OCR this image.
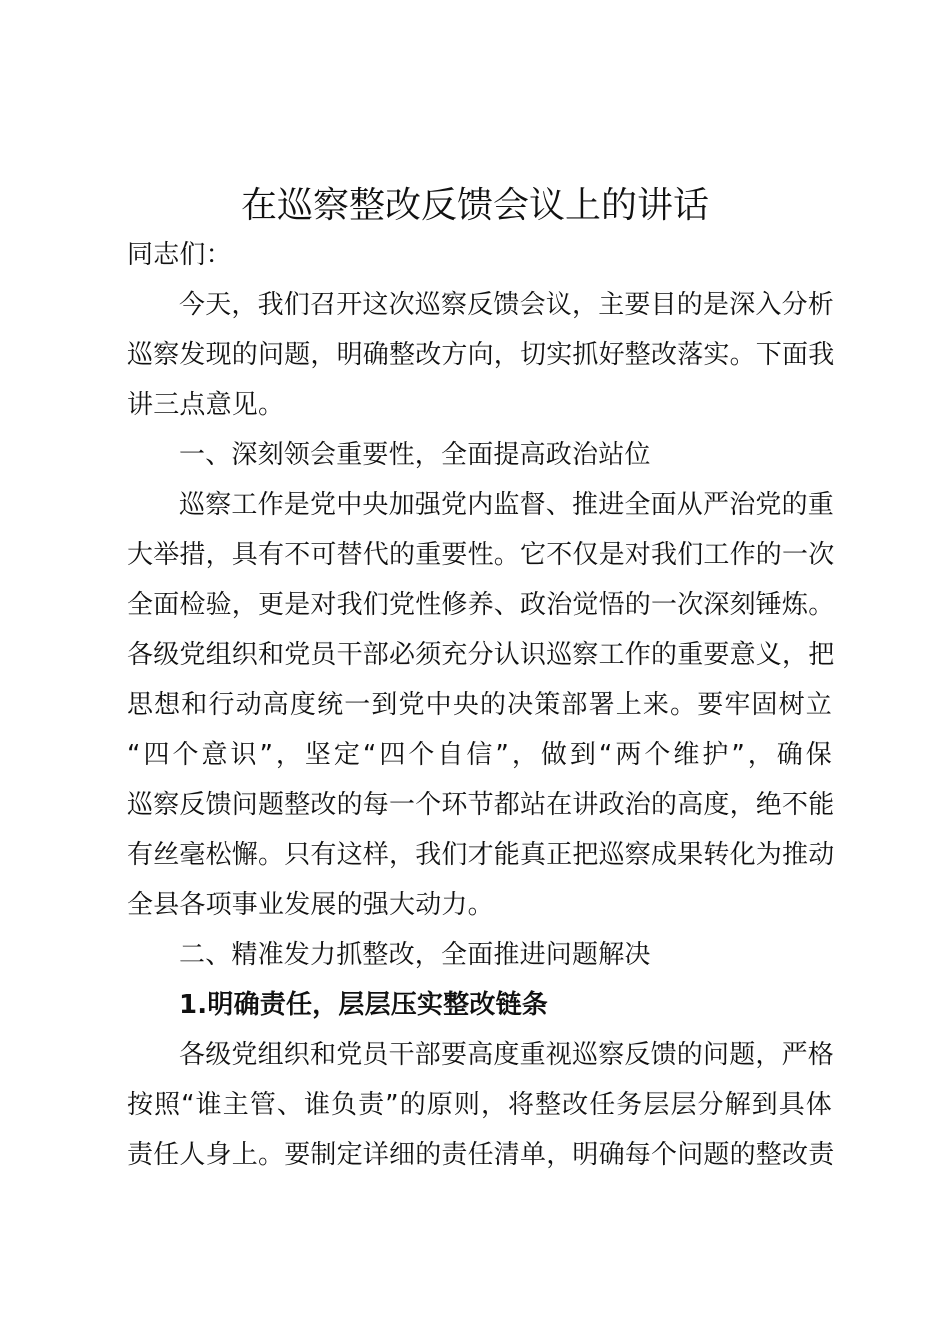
在巡察整改反馈会议上的讲话
同志们：
今天，我们召开这次巡察反馈会议，主要目的是深入分析
巡察发现的问题，明确整改方向，切实抓好整改落实。下面我
讲三点意见。
一、深刻领会重要性，全面提高政治站位
巡察工作是党中央加强党内监督、推进全面从严治党的重
大举措，具有不可替代的重要性。它不仅是对我们工作的一次
全面检验，更是对我们党性修养、政治觉悟的一次深刻锤炼。
各级党组织和党员干部必须充分认识巡察工作的重要意义，把
思想和行动高度统一到党中央的决策部署上来。要牢固树立
“四个意识”，坚定“四个自信”，做到“两个维护”，确保
巡察反馈问题整改的每一个环节都站在讲政治的高度，绝不能
有丝毫松懈。只有这样，我们才能真正把巡察成果转化为推动
全县各项事业发展的强大动力。
二、精准发力抓整改，全面推进问题解决
1.明确责任，层层压实整改链条
各级党组织和党员干部要高度重视巡察反馈的问题，严格
按照“谁主管、谁负责”的原则，将整改任务层层分解到具体
责任人身上。要制定详细的责任清单，明确每个问题的整改责
